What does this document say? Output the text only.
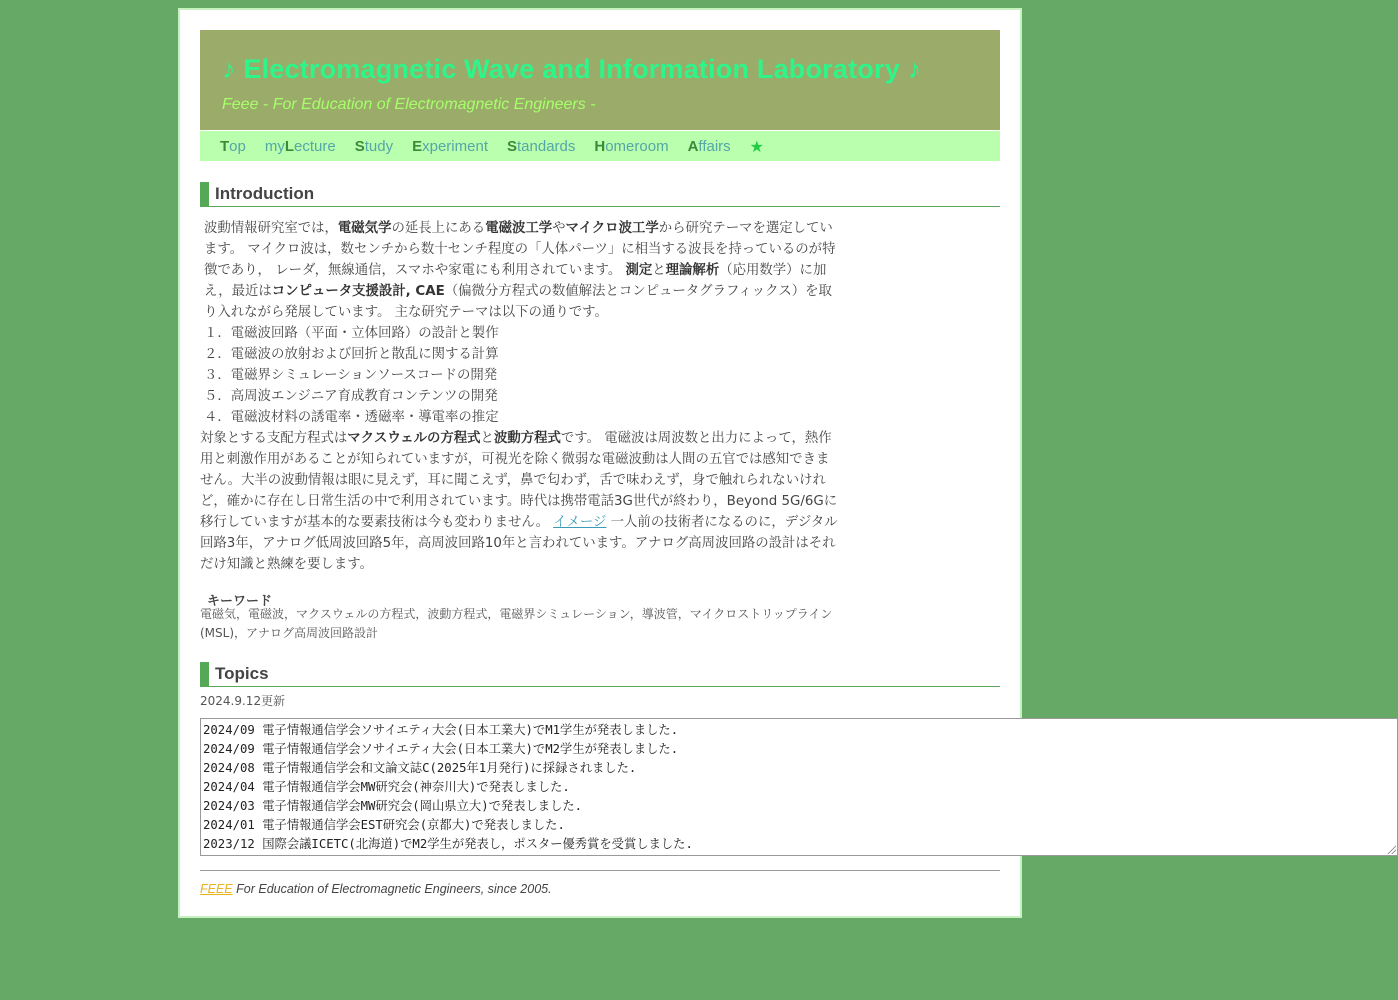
♪ Electromagnetic Wave and Information Laboratory ♪
Feee - For Education of Electromagnetic Engineers -
Top myLecture Study Experiment Standards Homeroom Affairs ★
Introduction

波動情報研究室では，電磁気学の延長上にある電磁波工学やマイクロ波工学から研究テーマを選定しています。 マイクロ波は，数センチから数十センチ程度の「人体パーツ」に相当する波長を持っているのが特徴であり， レーダ，無線通信，スマホや家電にも利用されています。 測定と理論解析（応用数学）に加え，最近はコンピュータ支援設計, CAE（偏微分方程式の数値解法とコンピュータグラフィックス）を取り入れながら発展しています。 主な研究テーマは以下の通りです。

１．電磁波回路（平面・立体回路）の設計と製作
２．電磁波の放射および回折と散乱に関する計算
３．電磁界シミュレーションソースコードの開発
５．高周波エンジニア育成教育コンテンツの開発
４．電磁波材料の誘電率・透磁率・導電率の推定

対象とする支配方程式はマクスウェルの方程式と波動方程式です。 電磁波は周波数と出力によって，熱作用と刺激作用があることが知られていますが，可視光を除く微弱な電磁波動は人間の五官では感知できません。大半の波動情報は眼に見えず，耳に聞こえず，鼻で匂わず，舌で味わえず，身で触れられないけれど，確かに存在し日常生活の中で利用されています。時代は携帯電話3G世代が終わり，Beyond 5G/6Gに移行していますが基本的な要素技術は今も変わりません。 イメージ 一人前の技術者になるのに，デジタル回路3年，アナログ低周波回路5年，高周波回路10年と言われています。アナログ高周波回路の設計はそれだけ知識と熟練を要します。

キーワード
電磁気，電磁波，マクスウェルの方程式，波動方程式，電磁界シミュレーション，導波管，マイクロストリップライン(MSL)，アナログ高周波回路設計
Topics
2024.9.12更新
2024/09 電子情報通信学会ソサイエティ大会(日本工業大)でM1学生が発表しました.
2024/09 電子情報通信学会ソサイエティ大会(日本工業大)でM2学生が発表しました.
2024/08 電子情報通信学会和文論文誌C(2025年1月発行)に採録されました.
2024/04 電子情報通信学会MW研究会(神奈川大)で発表しました.
2024/03 電子情報通信学会MW研究会(岡山県立大)で発表しました.
2024/01 電子情報通信学会EST研究会(京都大)で発表しました.
2023/12 国際会議ICETC(北海道)でM2学生が発表し，ポスター優秀賞を受賞しました.
FEEE For Education of Electromagnetic Engineers, since 2005.
